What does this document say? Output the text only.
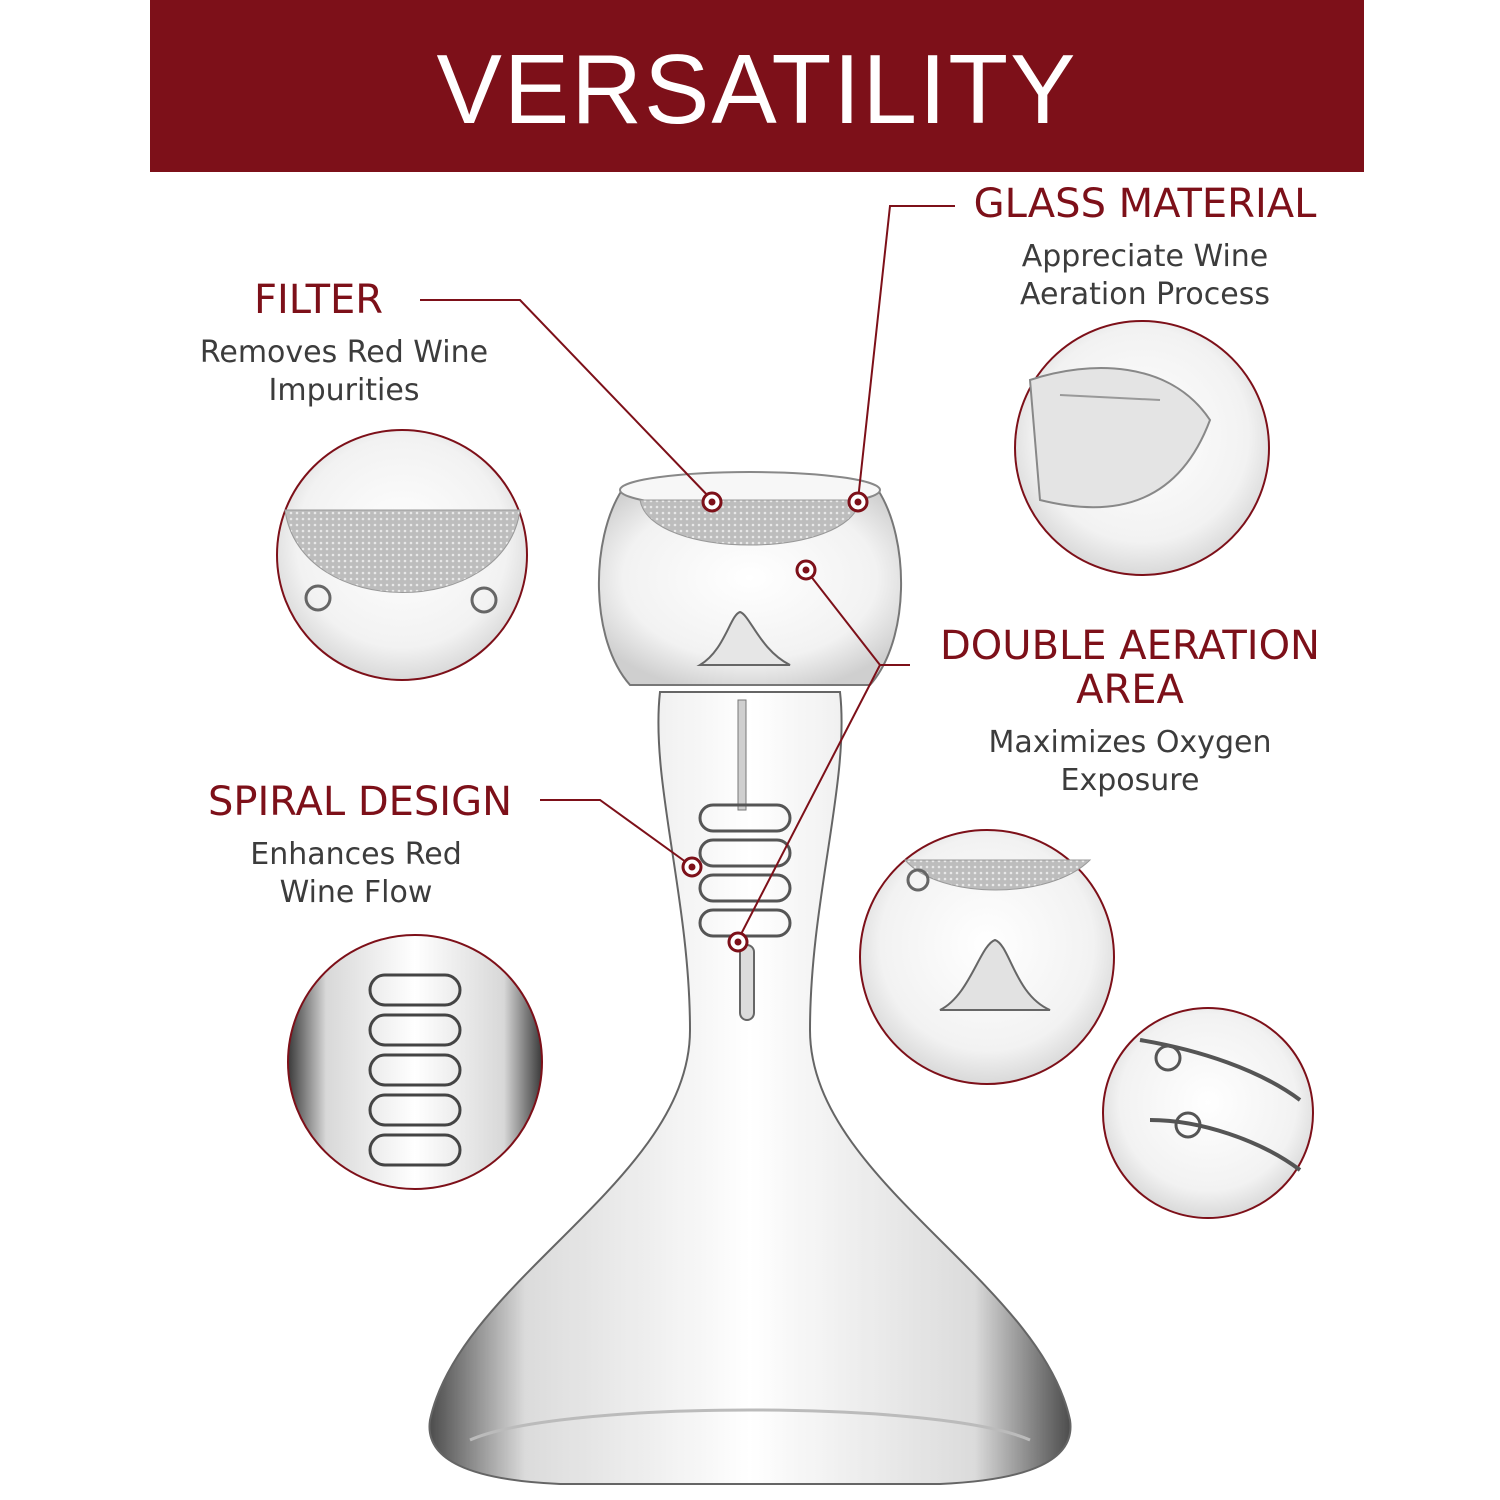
VERSATILITY
GLASS MATERIAL
Appreciate Wine
Aeration Process
FILTER
Removes Red Wine
Impurities
DOUBLE AERATION
AREA
Maximizes Oxygen
Exposure
SPIRAL DESIGN
Enhances Red
Wine Flow
